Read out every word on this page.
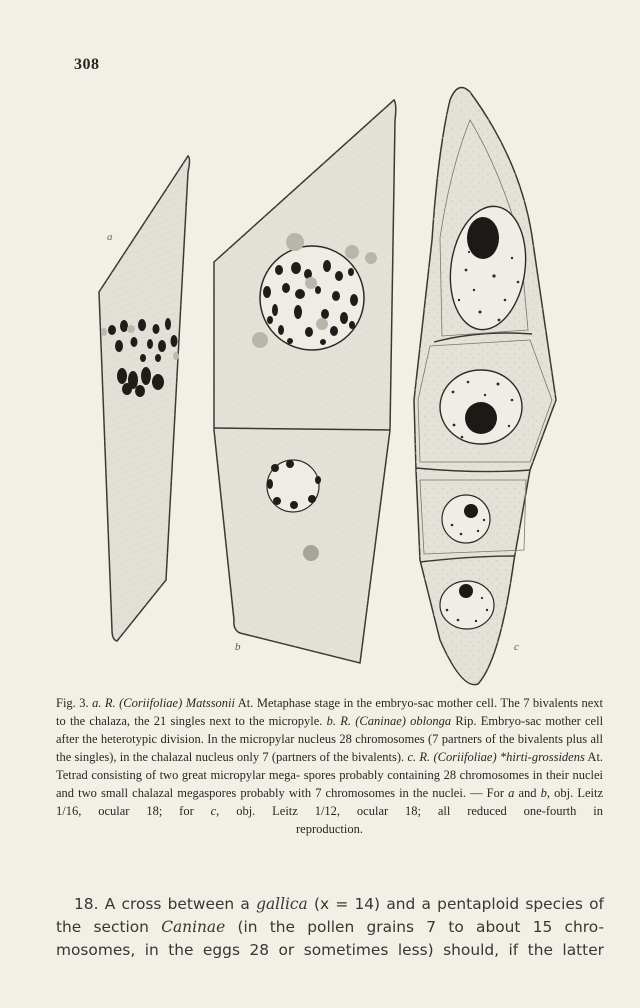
308
a
b	c
Fig. 3. a. R. (Coriifoliae) Matssonii At. Metaphase stage in the embryo-sac mother cell. The 7 bivalents next to the chalaza, the 21 singles next to the micropyle. b. R. (Caninae) oblonga Rip. Embryo-sac mother cell after the heterotypic division. In the micropylar nucleus 28 chromosomes (7 partners of the bivalents plus all the singles), in the chalazal nucleus only 7 (partners of the bivalents). c. R. (Coriifoliae) *hirti-grossidens At. Tetrad consisting of two great micropylar mega- spores probably containing 28 chromosomes in their nuclei and two small chalazal megaspores probably with 7 chromosomes in the nuclei. — For a and b, obj. Leitz 1/16, ocular 18; for c, obj. Leitz 1/12, ocular 18; all reduced one-fourth in
reproduction.
18. A cross between a gallica (x = 14) and a pentaploid species of the section Caninae (in the pollen grains 7 to about 15 chro- mosomes, in the eggs 28 or sometimes less) should, if the latter
